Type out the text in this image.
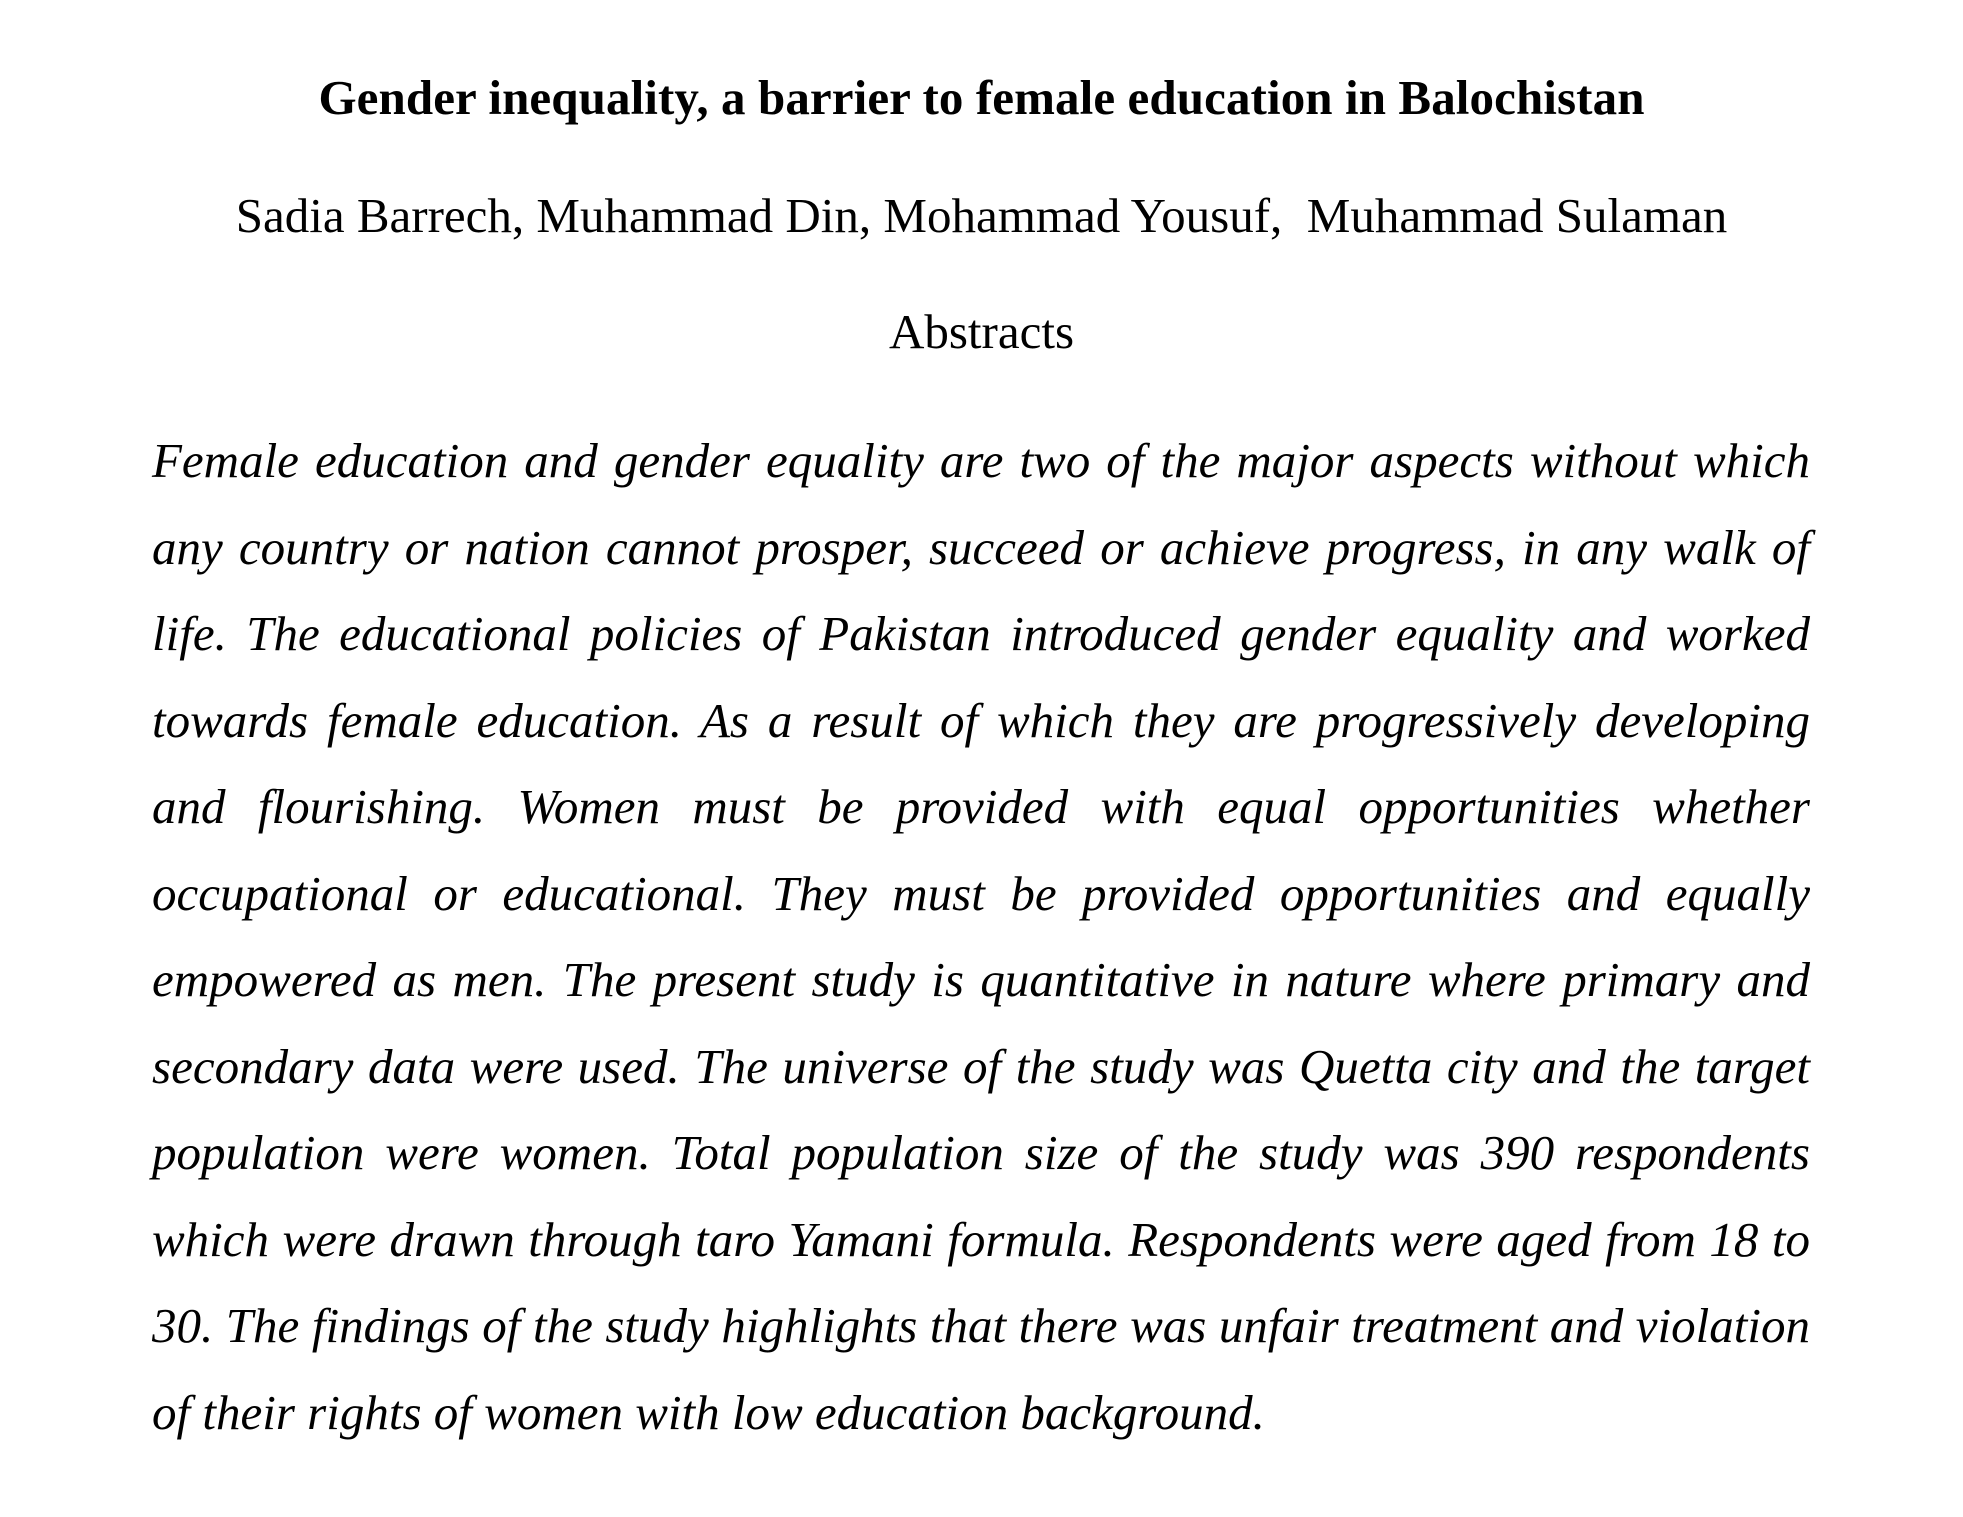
Gender inequality, a barrier to female education in Balochistan
Sadia Barrech, Muhammad Din, Mohammad Yousuf,  Muhammad Sulaman
Abstracts

Female education and gender equality are two of the major aspects without which any country or nation cannot prosper, succeed or achieve progress, in any walk of life. The educational policies of Pakistan introduced gender equality and worked towards female education. As a result of which they are progressively developing and flourishing. Women must be provided with equal opportunities whether occupational or educational. They must be provided opportunities and equally empowered as men. The present study is quantitative in nature where primary and secondary data were used. The universe of the study was Quetta city and the target population were women. Total population size of the study was 390 respondents which were drawn through taro Yamani formula. Respondents were aged from 18 to 30. The findings of the study highlights that there was unfair treatment and violation of their rights of women with low education background.
